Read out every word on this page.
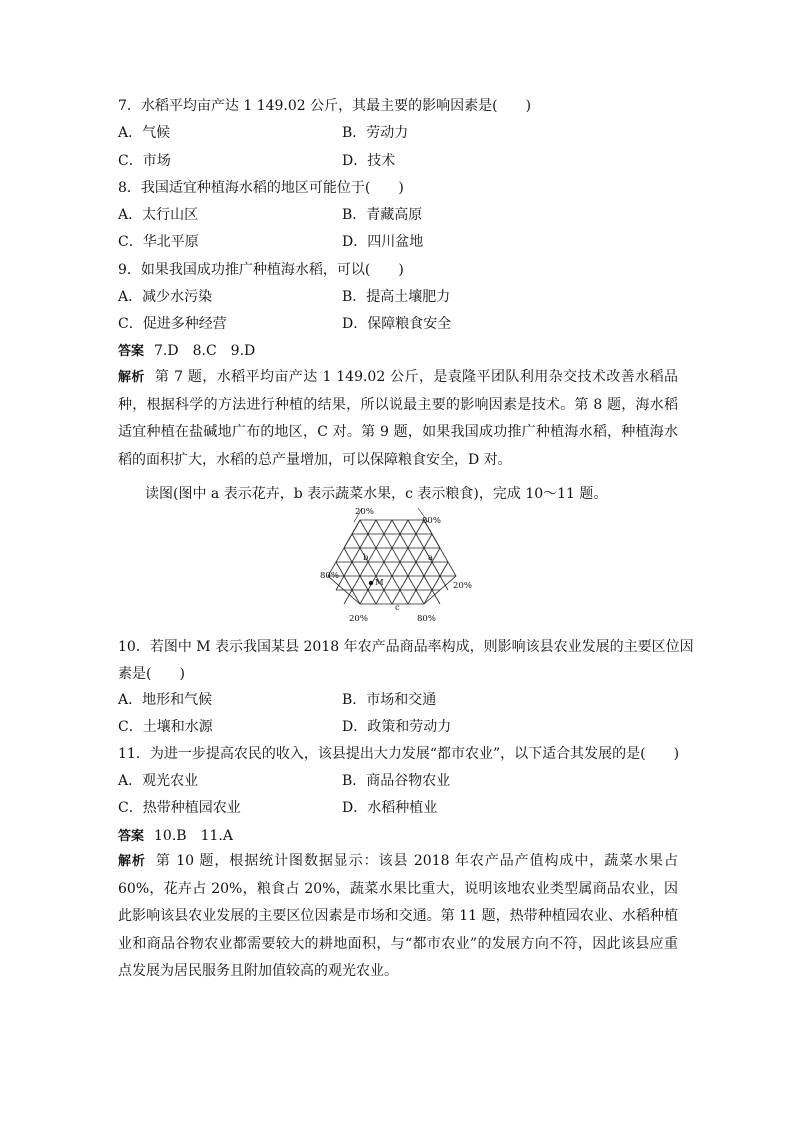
7．水稻平均亩产达 1 149.02 公斤，其最主要的影响因素是(　　)
A．气候	B．劳动力
C．市场	D．技术
8．我国适宜种植海水稻的地区可能位于(　　)
A．太行山区	B．青藏高原
C．华北平原	D．四川盆地
9．如果我国成功推广种植海水稻，可以(　　)
A．减少水污染	B．提高土壤肥力
C．促进多种经营	D．保障粮食安全
答案 7.D　8.C　9.D
解析 第 7 题，水稻平均亩产达 1 149.02 公斤，是袁隆平团队利用杂交技术改善水稻品种，根据科学的方法进行种植的结果，所以说最主要的影响因素是技术。第 8 题，海水稻适宜种植在盐碱地广布的地区，C 对。第 9 题，如果我国成功推广种植海水稻，种植海水稻的面积扩大，水稻的总产量增加，可以保障粮食安全，D 对。
读图(图中 a 表示花卉，b 表示蔬菜水果，c 表示粮食)，完成 10～11 题。
20%
80%
80%
20%
20%	80%
a
b
c
M
10．若图中 M 表示我国某县 2018 年农产品商品率构成，则影响该县农业发展的主要区位因
素是(　　)
A．地形和气候	B．市场和交通
C．土壤和水源	D．政策和劳动力
11．为进一步提高农民的收入，该县提出大力发展“都市农业”，以下适合其发展的是(　　)
A．观光农业	B．商品谷物农业
C．热带种植园农业	D．水稻种植业
答案 10.B　11.A
解析 第 10 题，根据统计图数据显示：该县 2018 年农产品产值构成中，蔬菜水果占 60%，花卉占 20%，粮食占 20%，蔬菜水果比重大，说明该地农业类型属商品农业，因此影响该县农业发展的主要区位因素是市场和交通。第 11 题，热带种植园农业、水稻种植业和商品谷物农业都需要较大的耕地面积，与“都市农业”的发展方向不符，因此该县应重点发展为居民服务且附加值较高的观光农业。
